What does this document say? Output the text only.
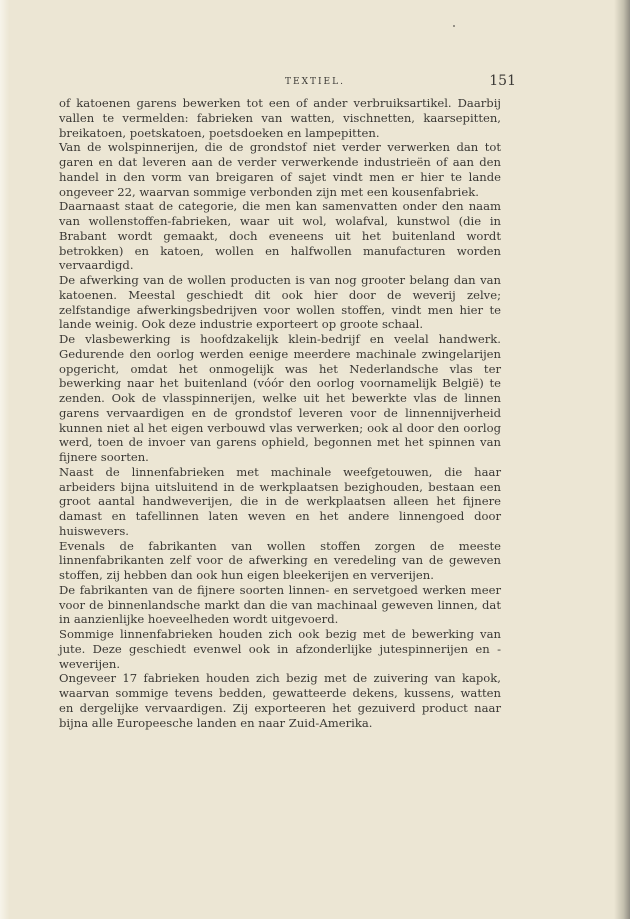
TEXTIEL.	151

of katoenen garens bewerken tot een of ander verbruiksartikel. Daarbij vallen te vermelden: fabrieken van watten, vischnetten, kaarsepitten, breikatoen, poetskatoen, poetsdoeken en lampepitten.

Van de wolspinnerijen, die de grondstof niet verder verwerken dan tot garen en dat leveren aan de verder verwerkende industrieën of aan den handel in den vorm van breigaren of sajet vindt men er hier te lande ongeveer 22, waarvan sommige verbonden zijn met een kousenfabriek.

Daarnaast staat de categorie, die men kan samenvatten onder den naam van wollenstoffen-fabrieken, waar uit wol, wolafval, kunstwol (die in Brabant wordt gemaakt, doch eveneens uit het buitenland wordt betrokken) en katoen, wollen en halfwollen manufacturen worden vervaardigd.

De afwerking van de wollen producten is van nog grooter belang dan van katoenen. Meestal geschiedt dit ook hier door de weverij zelve; zelfstandige afwerkingsbedrijven voor wollen stoffen, vindt men hier te lande weinig. Ook deze industrie exporteert op groote schaal.

De vlasbewerking is hoofdzakelijk klein-bedrijf en veelal handwerk. Gedurende den oorlog werden eenige meerdere machinale zwingelarijen opgericht, omdat het onmogelijk was het Nederlandsche vlas ter bewerking naar het buitenland (vóór den oorlog voornamelijk België) te zenden. Ook de vlasspinnerijen, welke uit het bewerkte vlas de linnen garens vervaardigen en de grondstof leveren voor de linnennijverheid kunnen niet al het eigen verbouwd vlas verwerken; ook al door den oorlog werd, toen de invoer van garens ophield, begonnen met het spinnen van fijnere soorten.

Naast de linnenfabrieken met machinale weefgetouwen, die haar arbeiders bijna uitsluitend in de werkplaatsen bezighouden, bestaan een groot aantal handweverijen, die in de werkplaatsen alleen het fijnere damast en tafellinnen laten weven en het andere linnengoed door huiswevers.

Evenals de fabrikanten van wollen stoffen zorgen de meeste linnenfabrikanten zelf voor de afwerking en veredeling van de geweven stoffen, zij hebben dan ook hun eigen bleekerijen en ververijen.

De fabrikanten van de fijnere soorten linnen- en servetgoed werken meer voor de binnenlandsche markt dan die van machinaal geweven linnen, dat in aanzienlijke hoeveelheden wordt uitgevoerd.

Sommige linnenfabrieken houden zich ook bezig met de bewerking van jute. Deze geschiedt evenwel ook in afzonderlijke jutespinnerijen en -weverijen.

Ongeveer 17 fabrieken houden zich bezig met de zuivering van kapok, waarvan sommige tevens bedden, gewatteerde dekens, kussens, watten en dergelijke vervaardigen. Zij exporteeren het gezuiverd product naar bijna alle Europeesche landen en naar Zuid-Amerika.
